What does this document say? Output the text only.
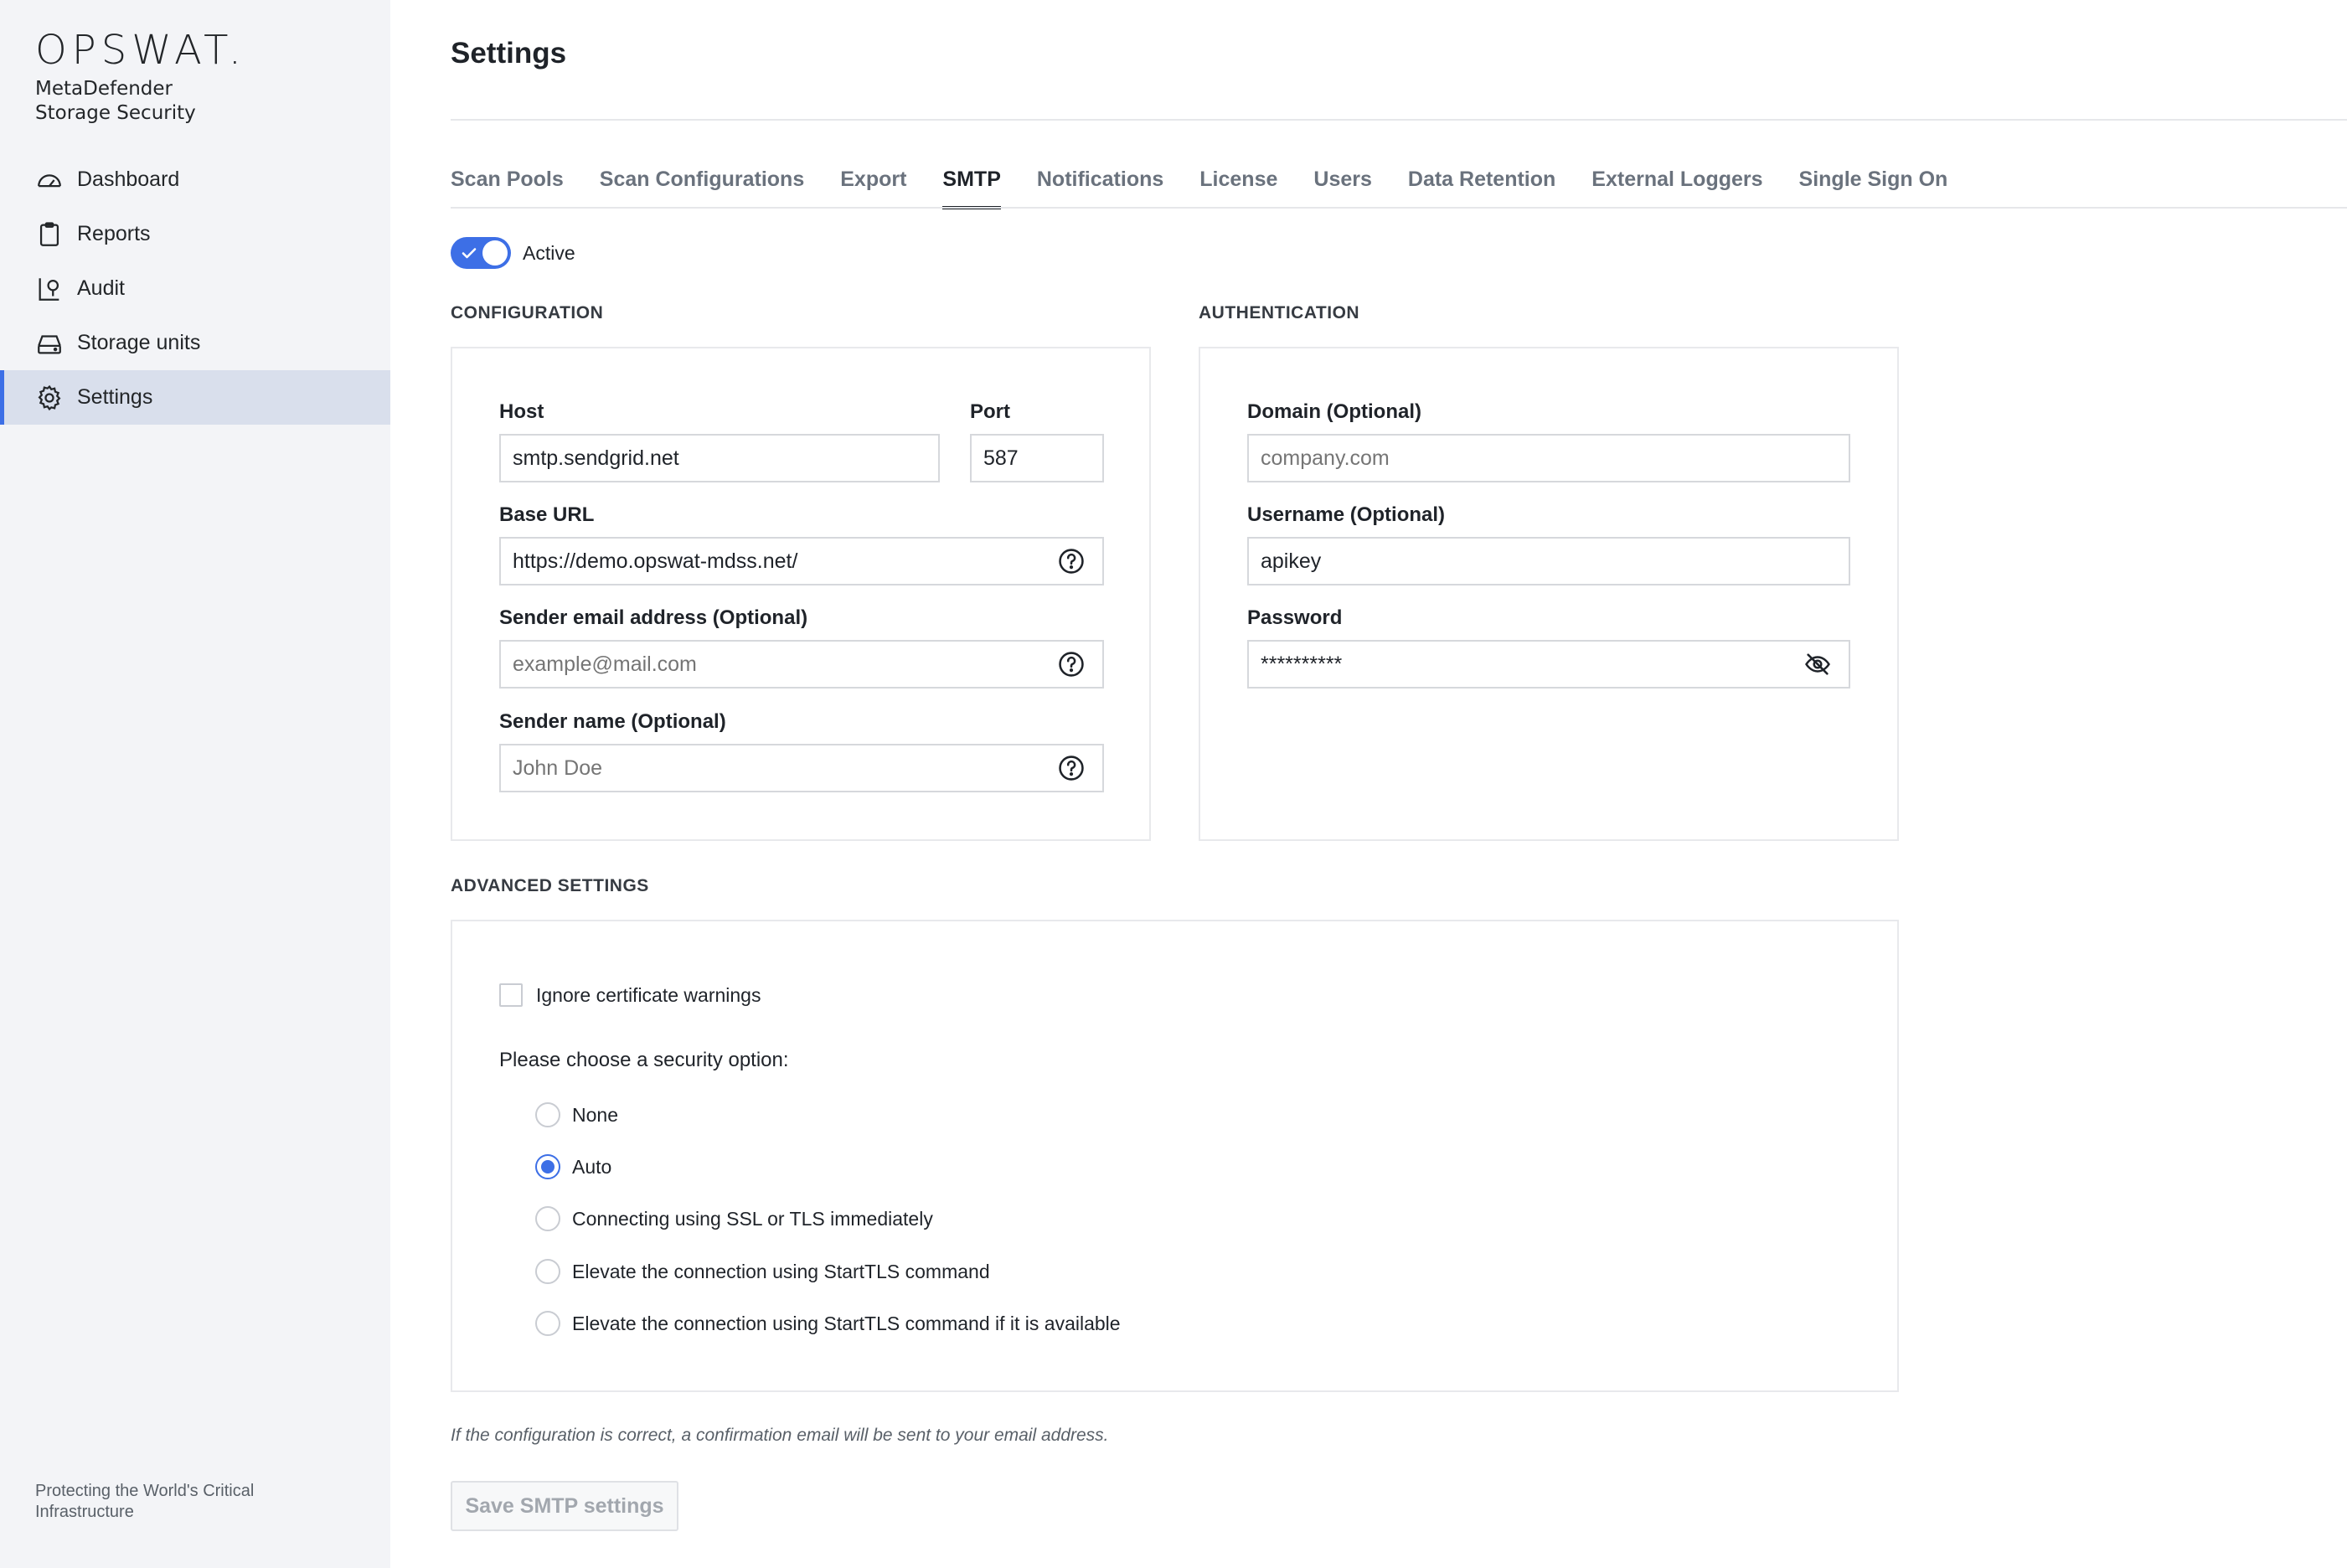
OPSWAT.
MetaDefender
Storage Security
Dashboard
Reports
Audit
Storage units
Settings
Protecting the World's Critical Infrastructure
Settings
Scan Pools Scan Configurations Export SMTP Notifications License Users Data Retention External Loggers Single Sign On
Active
CONFIGURATION
Host
smtp.sendgrid.net	Port
587
Base URL
https://demo.opswat-mdss.net/
Sender email address (Optional)
example@mail.com
Sender name (Optional)
John Doe
AUTHENTICATION
Domain (Optional)
company.com
Username (Optional)
apikey
Password
**********
ADVANCED SETTINGS
Ignore certificate warnings
Please choose a security option:
None
Auto
Connecting using SSL or TLS immediately
Elevate the connection using StartTLS command
Elevate the connection using StartTLS command if it is available
If the configuration is correct, a confirmation email will be sent to your email address.
Save SMTP settings
